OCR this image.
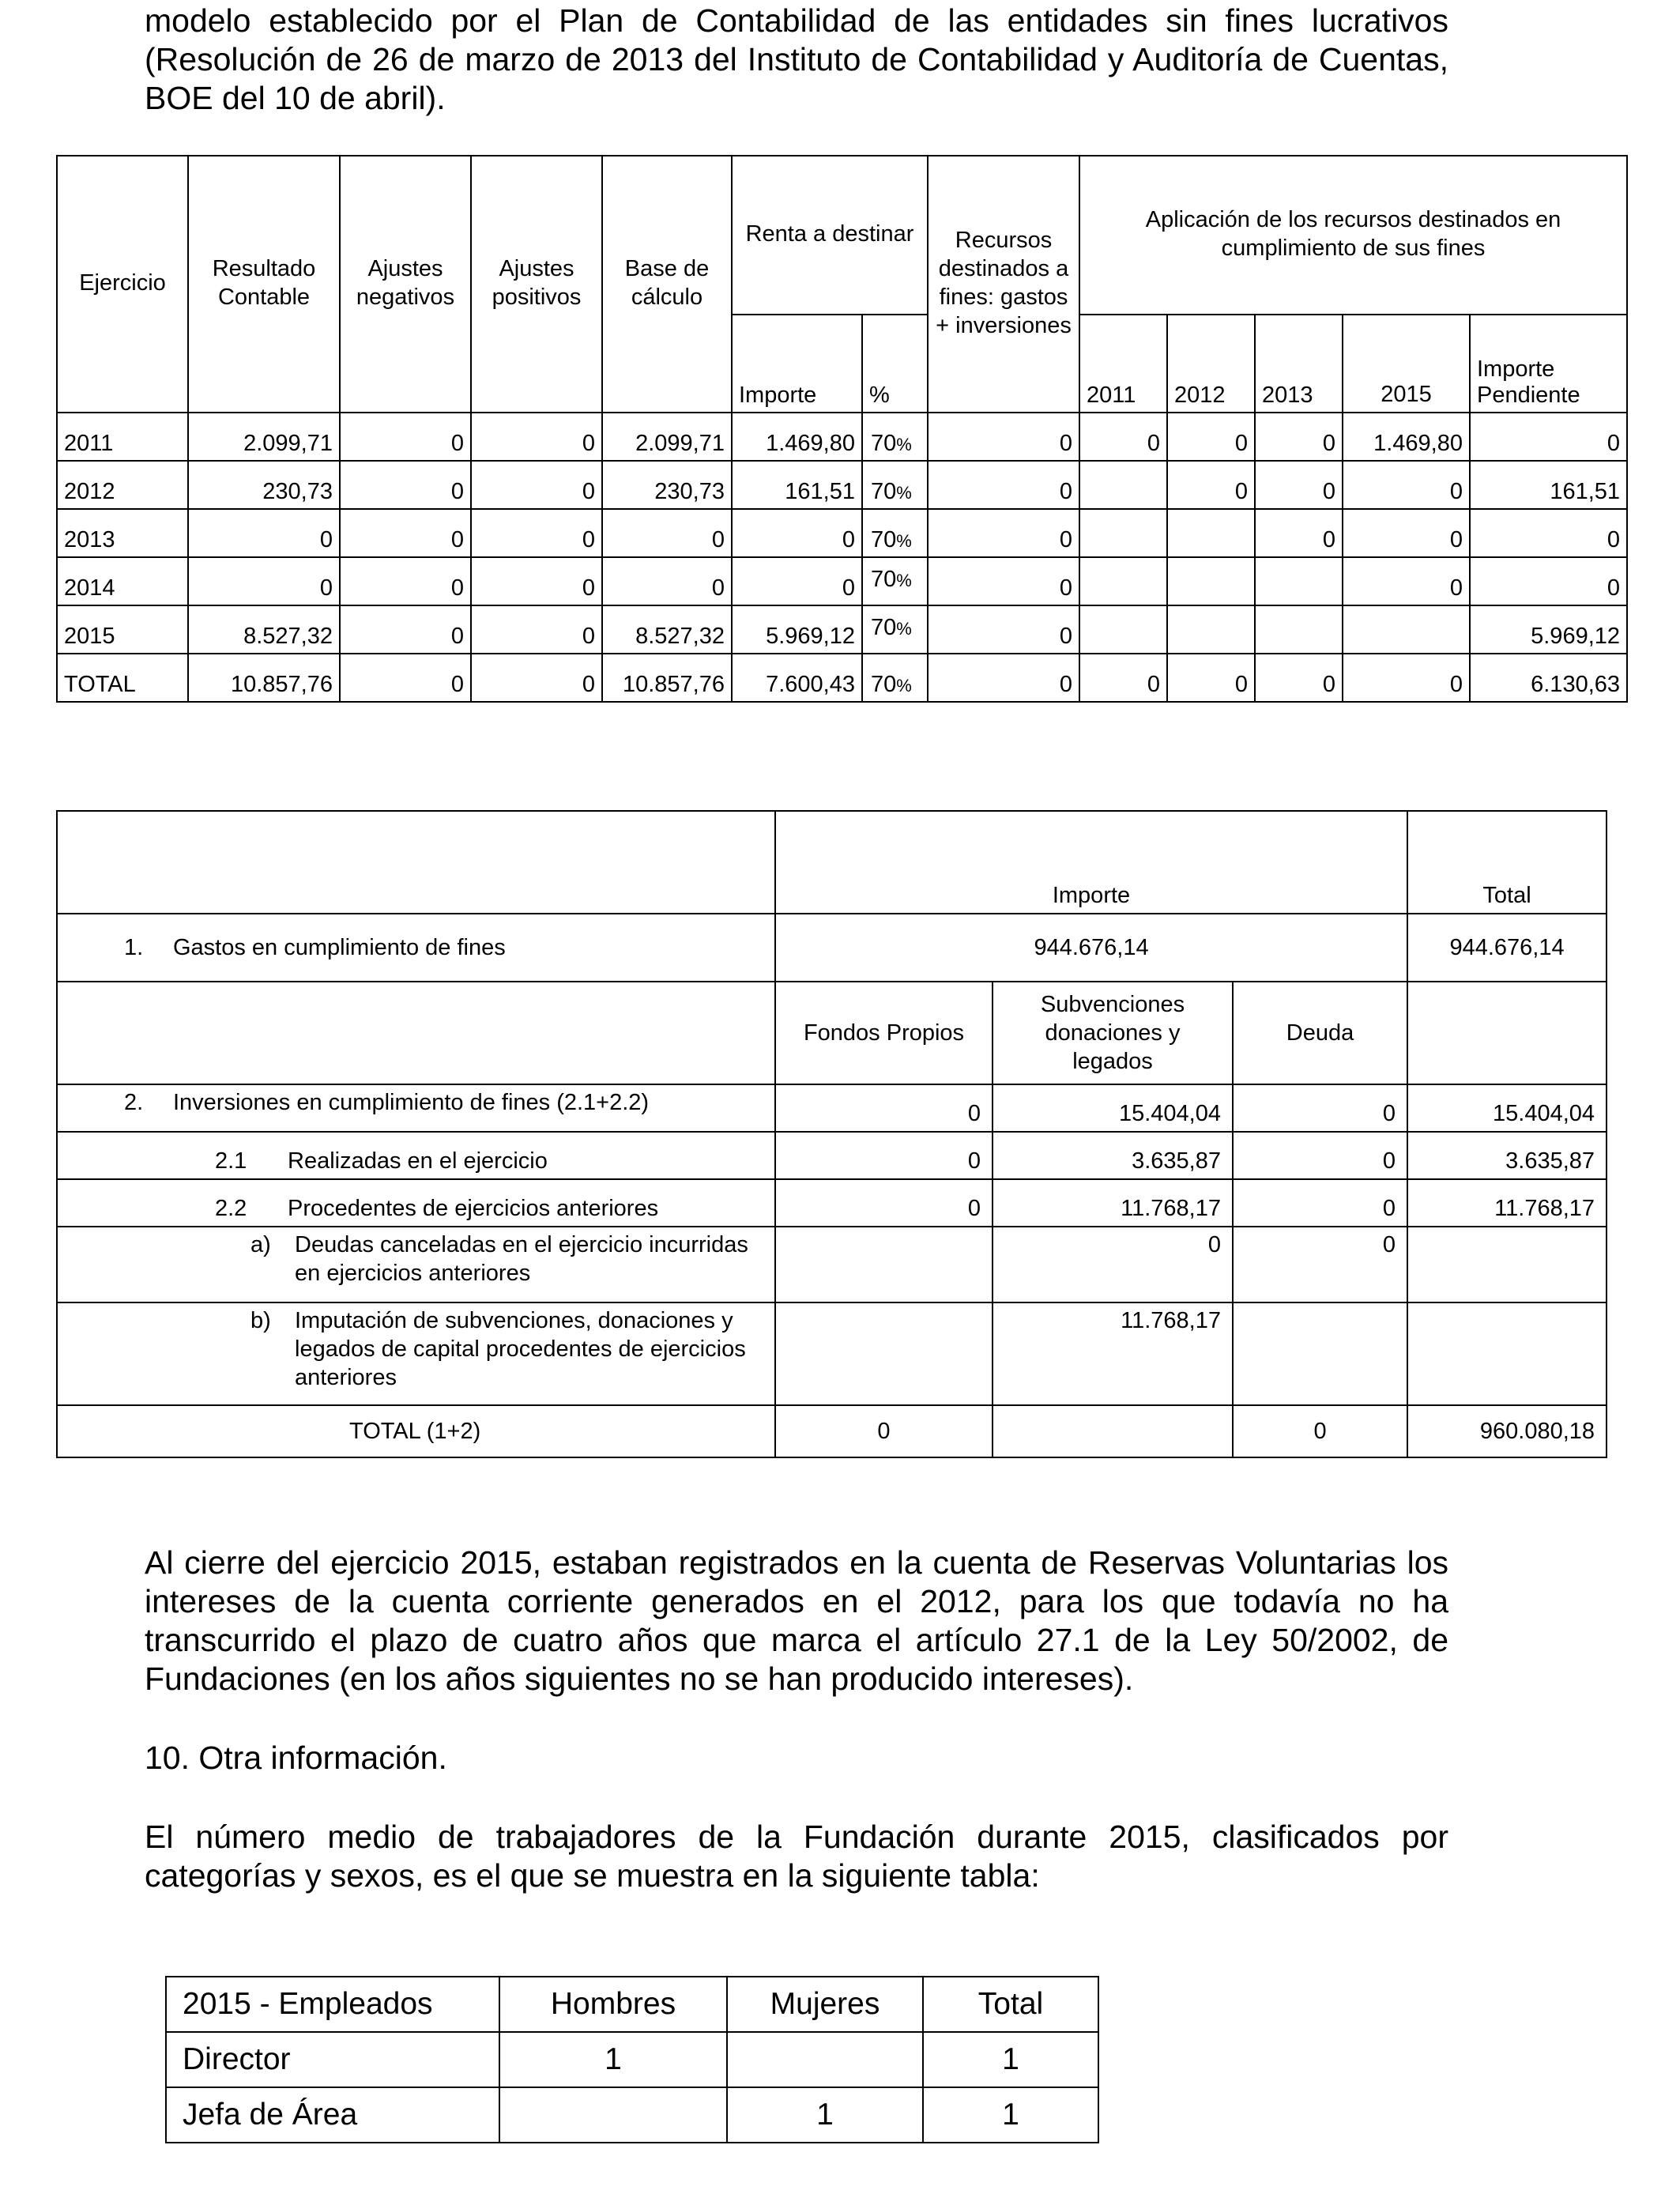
modelo establecido por el Plan de Contabilidad de las entidades sin fines lucrativos (Resolución de 26 de marzo de 2013 del Instituto de Contabilidad y Auditoría de Cuentas, BOE del 10 de abril).

Ejercicio	Resultado Contable	Ajustes negativos	Ajustes positivos	Base de cálculo	Renta a destinar		Recursos destinados a fines: gastos + inversiones	Aplicación de los recursos destinados en cumplimiento de sus fines				
					Importe	%		2011	2012	2013	2015	Importe Pendiente
2011	2.099,71	0	0	2.099,71	1.469,80	70%	0	0	0	0	1.469,80	0
2012	230,73	0	0	230,73	161,51	70%	0		0	0	0	161,51
2013	0	0	0	0	0	70%	0			0	0	0
2014	0	0	0	0	0	70%	0				0	0
2015	8.527,32	0	0	8.527,32	5.969,12	70%	0					5.969,12
TOTAL	10.857,76	0	0	10.857,76	7.600,43	70%	0	0	0	0	0	6.130,63
	Importe			Total

1. Gastos en cumplimiento de fines	944.676,14			944.676,14
	Fondos Propios	Subvenciones donaciones y legados	Deuda	

2. Inversiones en cumplimiento de fines (2.1+2.2)	0	15.404,04	0	15.404,04

2.1 Realizadas en el ejercicio	0	3.635,87	0	3.635,87

2.2 Procedentes de ejercicios anteriores	0	11.768,17	0	11.768,17

a) Deudas canceladas en el ejercicio incurridas en ejercicios anteriores		0	0	

b) Imputación de subvenciones, donaciones y legados de capital procedentes de ejercicios anteriores		11.768,17		

TOTAL (1+2)	0		0	960.080,18

Al cierre del ejercicio 2015, estaban registrados en la cuenta de Reservas Voluntarias los intereses de la cuenta corriente generados en el 2012, para los que todavía no ha transcurrido el plazo de cuatro años que marca el artículo 27.1 de la Ley 50/2002, de Fundaciones (en los años siguientes no se han producido intereses).

10. Otra información.

El número medio de trabajadores de la Fundación durante 2015, clasificados por categorías y sexos, es el que se muestra en la siguiente tabla:

2015 - Empleados	Hombres	Mujeres	Total
Director	1		1
Jefa de Área		1	1
